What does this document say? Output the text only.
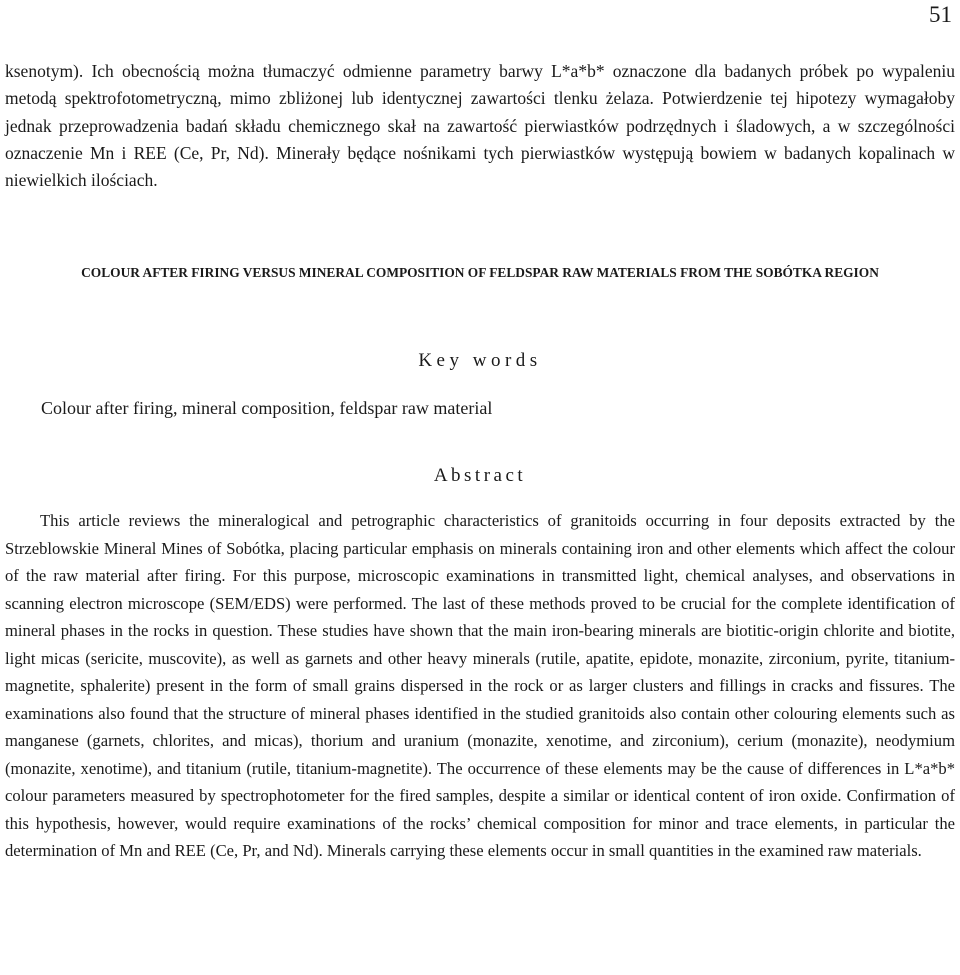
51

ksenotym). Ich obecnością można tłumaczyć odmienne parametry barwy L*a*b* oznaczone dla badanych próbek po wypaleniu metodą spektrofotometryczną, mimo zbliżonej lub identycznej zawartości tlenku żelaza. Potwierdzenie tej hipotezy wymagałoby jednak przeprowadzenia badań składu chemicznego skał na zawartość pierwiastków podrzędnych i śladowych, a w szczególności oznaczenie Mn i REE (Ce, Pr, Nd). Minerały będące nośnikami tych pierwiastków występują bowiem w badanych kopalinach w niewielkich ilościach.

COLOUR AFTER FIRING VERSUS MINERAL COMPOSITION OF FELDSPAR RAW MATERIALS FROM THE SOBÓTKA REGION
Key words

Colour after firing, mineral composition, feldspar raw material

Abstract

This article reviews the mineralogical and petrographic characteristics of granitoids occurring in four deposits extracted by the Strzeblowskie Mineral Mines of Sobótka, placing particular emphasis on minerals containing iron and other elements which affect the colour of the raw material after firing. For this purpose, microscopic examinations in transmitted light, chemical analyses, and observations in scanning electron microscope (SEM/EDS) were performed. The last of these methods proved to be crucial for the complete identification of mineral phases in the rocks in question. These studies have shown that the main iron-bearing minerals are biotitic-origin chlorite and biotite, light micas (sericite, muscovite), as well as garnets and other heavy minerals (rutile, apatite, epidote, monazite, zirconium, pyrite, titanium-magnetite, sphalerite) present in the form of small grains dispersed in the rock or as larger clusters and fillings in cracks and fissures. The examinations also found that the structure of mineral phases identified in the studied granitoids also contain other colouring elements such as manganese (garnets, chlorites, and micas), thorium and uranium (monazite, xenotime, and zirconium), cerium (monazite), neodymium (monazite, xenotime), and titanium (rutile, titanium-magnetite). The occurrence of these elements may be the cause of differences in L*a*b* colour parameters measured by spectrophotometer for the fired samples, despite a similar or identical content of iron oxide. Confirmation of this hypothesis, however, would require examinations of the rocks’ chemical composition for minor and trace elements, in particular the determination of Mn and REE (Ce, Pr, and Nd). Minerals carrying these elements occur in small quantities in the examined raw materials.
